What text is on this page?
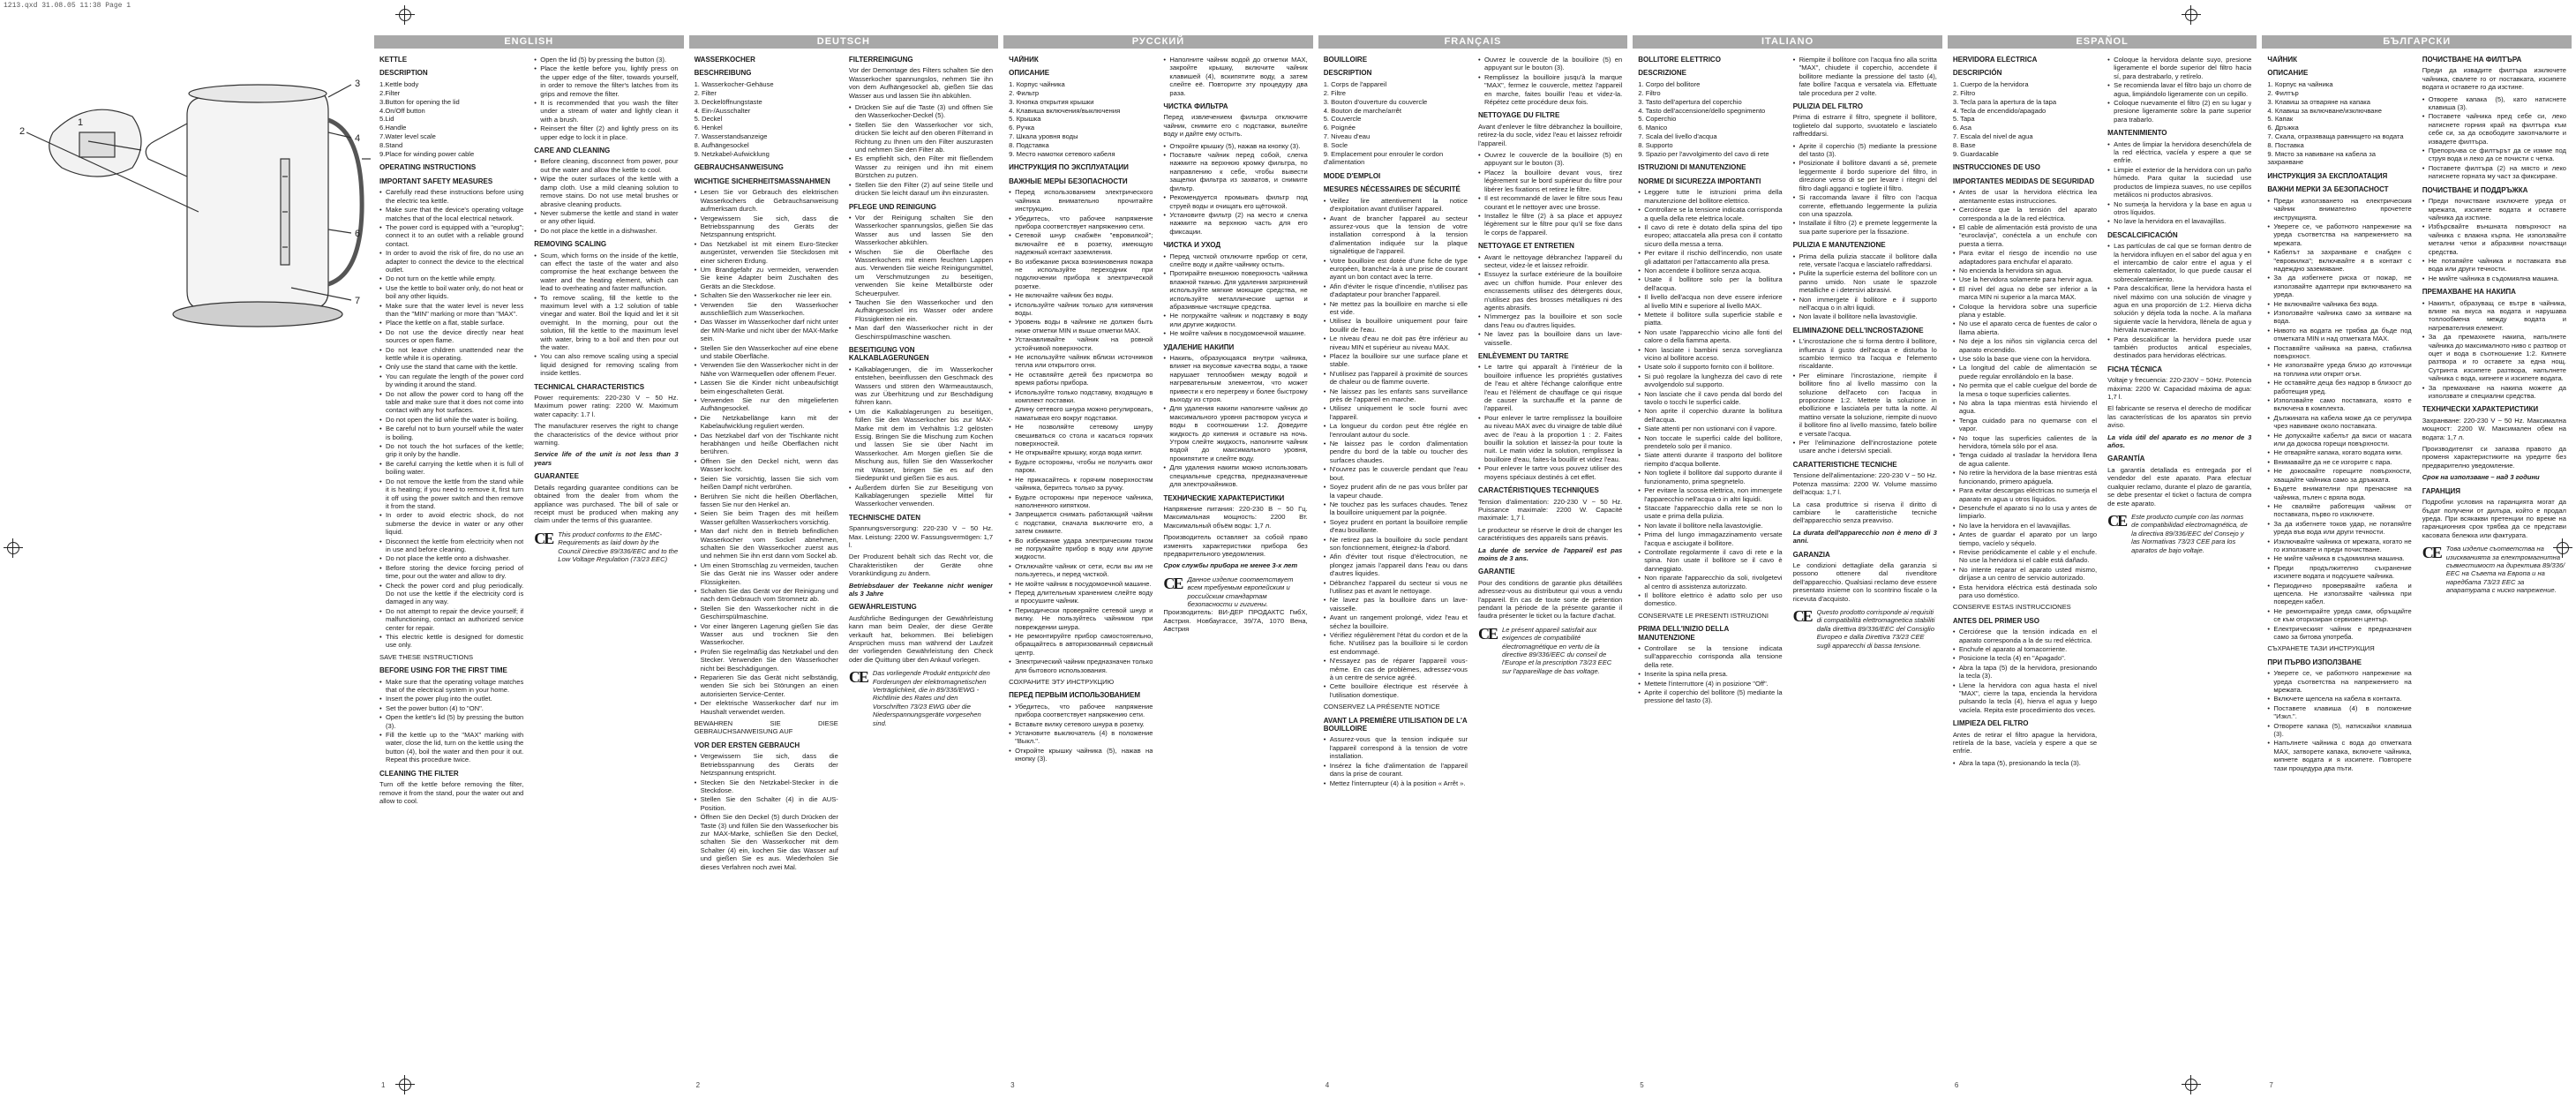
1213.qxd 31.08.05 11:38 Page 1
3
4
6
7
2
1
ENGLISH
KETTLE
DESCRIPTION
1.Kettle body
2.Filter
3.Button for opening the lid
4.On/Off button
5.Lid
6.Handle
7.Water level scale
8.Stand
9.Place for winding power cable
OPERATING INSTRUCTIONS
IMPORTANT SAFETY MEASURES
• Carefully read these instructions before using the electric tea kettle.
• Make sure that the device's operating voltage matches that of the local electrical network.
• The power cord is equipped with a "europlug"; connect it to an outlet with a reliable ground contact.
• In order to avoid the risk of fire, do no use an adapter to connect the device to the electrical outlet.
• Do not turn on the kettle while empty.
• Use the kettle to boil water only, do not heat or boil any other liquids.
• Make sure that the water level is never less than the "MIN" marking or more than "MAX".
• Place the kettle on a flat, stable surface.
• Do not use the device directly near heat sources or open flame.
• Do not leave children unattended near the kettle while it is operating.
• Only use the stand that came with the kettle.
• You can regulate the length of the power cord by winding it around the stand.
• Do not allow the power cord to hang off the table and make sure that it does not come into contact with any hot surfaces.
• Do not open the lid while the water is boiling.
• Be careful not to burn yourself while the water is boiling.
• Do not touch the hot surfaces of the kettle; grip it only by the handle.
• Be careful carrying the kettle when it is full of boiling water.
• Do not remove the kettle from the stand while it is heating; if you need to remove it, first turn it off using the power switch and then remove it from the stand.
• In order to avoid electric shock, do not submerse the device in water or any other liquid.
• Disconnect the kettle from electricity when not in use and before cleaning.
• Do not place the kettle onto a dishwasher.
• Before storing the device forcing period of time, pour out the water and allow to dry.
• Check the power cord and plug periodically. Do not use the kettle if the electricity cord is damaged in any way.
• Do not attempt to repair the device yourself; if malfunctioning, contact an authorized service center for repair.
• This electric kettle is designed for domestic use only.

SAVE THESE INSTRUCTIONS

BEFORE USING FOR THE FIRST TIME
• Make sure that the operating voltage matches that of the electrical system in your home.
• Insert the power plug into the outlet.
• Set the power button (4) to "ON".
• Open the kettle's lid (5) by pressing the button (3).
• Fill the kettle up to the "MAX" marking with water, close the lid, turn on the kettle using the button (4), boil the water and then pour it out. Repeat this procedure twice.
CLEANING THE FILTER

Turn off the kettle before removing the filter, remove it from the stand, pour the water out and allow to cool.

• Open the lid (5) by pressing the button (3).
• Place the kettle before you, lightly press on the upper edge of the filter, towards yourself, in order to remove the filter's latches from its grips and remove the filter.
• It is recommended that you wash the filter under a stream of water and lightly clean it with a brush.
• Reinsert the filter (2) and lightly press on its upper edge to lock it in place.
CARE AND CLEANING
• Before cleaning, disconnect from power, pour out the water and allow the kettle to cool.
• Wipe the outer surfaces of the kettle with a damp cloth. Use a mild cleaning solution to remove stains. Do not use metal brushes or abrasive cleaning products.
• Never submerse the kettle and stand in water or any other liquid.
• Do not place the kettle in a dishwasher.
REMOVING SCALING
• Scum, which forms on the inside of the kettle, can effect the taste of the water and also compromise the heat exchange between the water and the heating element, which can lead to overheating and faster malfunction.
• To remove scaling, fill the kettle to the maximum level with a 1:2 solution of table vinegar and water. Boil the liquid and let it sit overnight. In the morning, pour out the solution, fill the kettle to the maximum level with water, bring to a boil and then pour out the water.
• You can also remove scaling using a special liquid designed for removing scaling from inside kettles.
TECHNICAL CHARACTERISTICS

Power requirements: 220-230 V ~ 50 Hz. Maximum power rating: 2200 W. Maximum water capacity: 1.7 l.

The manufacturer reserves the right to change the characteristics of the device without prior warning.

Service life of the unit is not less than 3 years

GUARANTEE

Details regarding guarantee conditions can be obtained from the dealer from whom the appliance was purchased. The bill of sale or receipt must be produced when making any claim under the terms of this guarantee.

CE This product conforms to the EMC-Requirements as laid down by the Council Directive 89/336/EEC and to the Low Voltage Regulation (73/23 EEC)
1
DEUTSCH
WASSERKOCHER
BESCHREIBUNG
1. Wasserkocher-Gehäuse
2. Filter
3. Deckelöffnungstaste
4. Ein-/Ausschalter
5. Deckel
6. Henkel
7. Wasserstandsanzeige
8. Aufhängesockel
9. Netzkabel-Aufwicklung
GEBRAUCHSANWEISUNG
WICHTIGE SICHERHEITSMASSNAHMEN
• Lesen Sie vor Gebrauch des elektrischen Wasserkochers die Gebrauchsanweisung aufmerksam durch.
• Vergewissern Sie sich, dass die Betriebsspannung des Geräts der Netzspannung entspricht.
• Das Netzkabel ist mit einem Euro-Stecker ausgerüstet, verwenden Sie Steckdosen mit einer sicheren Erdung.
• Um Brandgefahr zu vermeiden, verwenden Sie keine Adapter beim Zuschalten des Geräts an die Steckdose.
• Schalten Sie den Wasserkocher nie leer ein.
• Verwenden Sie den Wasserkocher ausschließlich zum Wasserkochen.
• Das Wasser im Wasserkocher darf nicht unter der MIN-Marke und nicht über der MAX-Marke sein.
• Stellen Sie den Wasserkocher auf eine ebene und stabile Oberfläche.
• Verwenden Sie den Wasserkocher nicht in der Nähe von Wärmequellen oder offenem Feuer.
• Lassen Sie die Kinder nicht unbeaufsichtigt beim eingeschalteten Gerät.
• Verwenden Sie nur den mitgelieferten Aufhängesockel.
• Die Netzkabellänge kann mit der Kabelaufwicklung reguliert werden.
• Das Netzkabel darf von der Tischkante nicht herabhängen und heiße Oberflächen nicht berühren.
• Öffnen Sie den Deckel nicht, wenn das Wasser kocht.
• Seien Sie vorsichtig, lassen Sie sich vom heißen Dampf nicht verbrühen.
• Berühren Sie nicht die heißen Oberflächen, fassen Sie nur den Henkel an.
• Seien Sie beim Tragen des mit heißem Wasser gefüllten Wasserkochers vorsichtig.
• Man darf nicht den in Betrieb befindlichen Wasserkocher vom Sockel abnehmen, schalten Sie den Wasserkocher zuerst aus und nehmen Sie ihn erst dann vom Sockel ab.
• Um einen Stromschlag zu vermeiden, tauchen Sie das Gerät nie ins Wasser oder andere Flüssigkeiten.
• Schalten Sie das Gerät vor der Reinigung und nach dem Gebrauch vom Stromnetz ab.
• Stellen Sie den Wasserkocher nicht in die Geschirrspülmaschine.
• Vor einer längeren Lagerung gießen Sie das Wasser aus und trocknen Sie den Wasserkocher.
• Prüfen Sie regelmäßig das Netzkabel und den Stecker. Verwenden Sie den Wasserkocher nicht bei Beschädigungen.
• Reparieren Sie das Gerät nicht selbständig, wenden Sie sich bei Störungen an einen autorisierten Service-Center.
• Der elektrische Wasserkocher darf nur im Haushalt verwendet werden.

BEWAHREN SIE DIESE GEBRAUCHSANWEISUNG AUF

VOR DER ERSTEN GEBRAUCH
• Vergewissern Sie sich, dass die Betriebsspannung des Geräts der Netzspannung entspricht.
• Stecken Sie den Netzkabel-Stecker in die Steckdose.
• Stellen Sie den Schalter (4) in die AUS-Position.
• Öffnen Sie den Deckel (5) durch Drücken der Taste (3) und füllen Sie den Wasserkocher bis zur MAX-Marke, schließen Sie den Deckel, schalten Sie den Wasserkocher mit dem Schalter (4) ein, kochen Sie das Wasser auf und gießen Sie es aus. Wiederholen Sie dieses Verfahren noch zwei Mal.
FILTERREINIGUNG

Vor der Demontage des Filters schalten Sie den Wasserkocher spannungslos, nehmen Sie ihn von dem Aufhängesockel ab, gießen Sie das Wasser aus und lassen Sie ihn abkühlen.

• Drücken Sie auf die Taste (3) und öffnen Sie den Wasserkocher-Deckel (5).
• Stellen Sie den Wasserkocher vor sich, drücken Sie leicht auf den oberen Filterrand in Richtung zu Ihnen um den Filter auszurasten und nehmen Sie den Filter ab.
• Es empfiehlt sich, den Filter mit fließendem Wasser zu reinigen und ihn mit einem Bürstchen zu putzen.
• Stellen Sie den Filter (2) auf seine Stelle und drücken Sie leicht darauf um ihn einzurasten.
PFLEGE UND REINIGUNG
• Vor der Reinigung schalten Sie den Wasserkocher spannungslos, gießen Sie das Wasser aus und lassen Sie den Wasserkocher abkühlen.
• Wischen Sie die Oberfläche des Wasserkochers mit einem feuchten Lappen aus. Verwenden Sie weiche Reinigungsmittel, um Verschmutzungen zu beseitigen, verwenden Sie keine Metallbürste oder Scheuerpulver.
• Tauchen Sie den Wasserkocher und den Aufhängesockel ins Wasser oder andere Flüssigkeiten nie ein.
• Man darf den Wasserkocher nicht in der Geschirrspülmaschine waschen.
BESEITIGUNG VON KALKABLAGERUNGEN
• Kalkablagerungen, die im Wasserkocher entstehen, beeinflussen den Geschmack des Wassers und stören den Wärmeaustausch, was zur Überhitzung und zur Beschädigung führen kann.
• Um die Kalkablagerungen zu beseitigen, füllen Sie den Wasserkocher bis zur MAX-Marke mit dem im Verhältnis 1:2 gelösten Essig. Bringen Sie die Mischung zum Kochen und lassen Sie sie über Nacht im Wasserkocher. Am Morgen gießen Sie die Mischung aus, füllen Sie den Wasserkocher mit Wasser, bringen Sie es auf den Siedepunkt und gießen Sie es aus.
• Außerdem dürfen Sie zur Beseitigung von Kalkablagerungen spezielle Mittel für Wasserkocher verwenden.
TECHNISCHE DATEN

Spannungsversorgung: 220-230 V ~ 50 Hz. Max. Leistung: 2200 W. Fassungsvermögen: 1,7 l.

Der Produzent behält sich das Recht vor, die Charakteristiken der Geräte ohne Vorankündigung zu ändern.

Betriebsdauer der Teekanne nicht weniger als 3 Jahre

GEWÄHRLEISTUNG

Ausführliche Bedingungen der Gewährleistung kann man beim Dealer, der diese Geräte verkauft hat, bekommen. Bei beliebigen Ansprüchen muss man während der Laufzeit der vorliegenden Gewährleistung den Check oder die Quittung über den Ankauf vorlegen.

CE Das vorliegende Produkt entspricht den Forderungen der elektromagnetischen Verträglichkeit, die in 89/336/EWG -Richtlinie des Rates und den Vorschriften 73/23 EWG über die Niederspannungsgeräte vorgesehen sind.
2
РУССКИЙ
ЧАЙНИК
ОПИСАНИЕ
1. Корпус чайника
2. Фильтр
3. Кнопка открытия крышки
4. Клавиша включения/выключения
5. Крышка
6. Ручка
7. Шкала уровня воды
8. Подставка
9. Место намотки сетевого кабеля
ИНСТРУКЦИЯ ПО ЭКСПЛУАТАЦИИ
ВАЖНЫЕ МЕРЫ БЕЗОПАСНОСТИ
• Перед использованием электрического чайника внимательно прочитайте инструкцию.
• Убедитесь, что рабочее напряжение прибора соответствует напряжению сети.
• Сетевой шнур снабжён "евровилкой"; включайте её в розетку, имеющую надежный контакт заземления.
• Во избежание риска возникновения пожара не используйте переходник при подключении прибора к электрической розетке.
• Не включайте чайник без воды.
• Используйте чайник только для кипячения воды.
• Уровень воды в чайнике не должен быть ниже отметки MIN и выше отметки MAX.
• Устанавливайте чайник на ровной устойчивой поверхности.
• Не используйте чайник вблизи источников тепла или открытого огня.
• Не оставляйте детей без присмотра во время работы прибора.
• Используйте только подставку, входящую в комплект поставки.
• Длину сетевого шнура можно регулировать, наматывая его вокруг подставки.
• Не позволяйте сетевому шнуру свешиваться со стола и касаться горячих поверхностей.
• Не открывайте крышку, когда вода кипит.
• Будьте осторожны, чтобы не получить ожог паром.
• Не прикасайтесь к горячим поверхностям чайника, беритесь только за ручку.
• Будьте осторожны при переносе чайника, наполненного кипятком.
• Запрещается снимать работающий чайник с подставки, сначала выключите его, а затем снимите.
• Во избежание удара электрическим током не погружайте прибор в воду или другие жидкости.
• Отключайте чайник от сети, если вы им не пользуетесь, и перед чисткой.
• Не мойте чайник в посудомоечной машине.
• Перед длительным хранением слейте воду и просушите чайник.
• Периодически проверяйте сетевой шнур и вилку. Не пользуйтесь чайником при повреждении шнура.
• Не ремонтируйте прибор самостоятельно, обращайтесь в авторизованный сервисный центр.
• Электрический чайник предназначен только для бытового использования.

СОХРАНИТЕ ЭТУ ИНСТРУКЦИЮ

ПЕРЕД ПЕРВЫМ ИСПОЛЬЗОВАНИЕМ
• Убедитесь, что рабочее напряжение прибора соответствует напряжению сети.
• Вставьте вилку сетевого шнура в розетку.
• Установите выключатель (4) в положение "Выкл.".
• Откройте крышку чайника (5), нажав на кнопку (3).
• Наполните чайник водой до отметки MAX, закройте крышку, включите чайник клавишей (4), вскипятите воду, а затем слейте её. Повторите эту процедуру два раза.
ЧИСТКА ФИЛЬТРА

Перед извлечением фильтра отключите чайник, снимите его с подставки, вылейте воду и дайте ему остыть.

• Откройте крышку (5), нажав на кнопку (3).
• Поставьте чайник перед собой, слегка нажмите на верхнюю кромку фильтра, по направлению к себе, чтобы вывести защелки фильтра из захватов, и снимите фильтр.
• Рекомендуется промывать фильтр под струей воды и очищать его щёточкой.
• Установите фильтр (2) на место и слегка нажмите на верхнюю часть для его фиксации.
ЧИСТКА И УХОД
• Перед чисткой отключите прибор от сети, слейте воду и дайте чайнику остыть.
• Протирайте внешнюю поверхность чайника влажной тканью. Для удаления загрязнений используйте мягкие моющие средства, не используйте металлические щетки и абразивные чистящие средства.
• Не погружайте чайник и подставку в воду или другие жидкости.
• Не мойте чайник в посудомоечной машине.
УДАЛЕНИЕ НАКИПИ
• Накипь, образующаяся внутри чайника, влияет на вкусовые качества воды, а также нарушает теплообмен между водой и нагревательным элементом, что может привести к его перегреву и более быстрому выходу из строя.
• Для удаления накипи наполните чайник до максимального уровня раствором уксуса и воды в соотношении 1:2. Доведите жидкость до кипения и оставьте на ночь. Утром слейте жидкость, наполните чайник водой до максимального уровня, прокипятите и слейте воду.
• Для удаления накипи можно использовать специальные средства, предназначенные для электрочайников.
ТЕХНИЧЕСКИЕ ХАРАКТЕРИСТИКИ

Напряжение питания: 220-230 В ~ 50 Гц. Максимальная мощность: 2200 Вт. Максимальный объём воды: 1,7 л.

Производитель оставляет за собой право изменять характеристики прибора без предварительного уведомления.

Срок службы прибора не менее 3-х лет

CE Данное изделие соответствует всем требуемым европейским и российским стандартам безопасности и гигиены.

Производитель: ВИ-ДЕР ПРОДАКТС ГмбХ, Австрия. Новбаугассе, 39/7A, 1070 Вена, Австрия

3
FRANÇAIS
BOUILLOIRE
DESCRIPTION
1. Corps de l'appareil
2. Filtre
3. Bouton d'ouverture du couvercle
4. Bouton de marche/arrêt
5. Couvercle
6. Poignée
7. Niveau d'eau
8. Socle
9. Emplacement pour enrouler le cordon d'alimentation
MODE D'EMPLOI
MESURES NÉCESSAIRES DE SÉCURITÉ
• Veillez lire attentivement la notice d'exploitation avant d'utiliser l'appareil.
• Avant de brancher l'appareil au secteur assurez-vous que la tension de votre installation correspond à la tension d'alimentation indiquée sur la plaque signalétique de l'appareil.
• Votre bouilloire est dotée d'une fiche de type européen, branchez-la à une prise de courant ayant un bon contact avec la terre.
• Afin d'éviter le risque d'incendie, n'utilisez pas d'adaptateur pour brancher l'appareil.
• Ne mettez pas la bouilloire en marche si elle est vide.
• Utilisez la bouilloire uniquement pour faire bouillir de l'eau.
• Le niveau d'eau ne doit pas être inférieur au niveau MIN et supérieur au niveau MAX.
• Placez la bouilloire sur une surface plane et stable.
• N'utilisez pas l'appareil à proximité de sources de chaleur ou de flamme ouverte.
• Ne laissez pas les enfants sans surveillance près de l'appareil en marche.
• Utilisez uniquement le socle fourni avec l'appareil.
• La longueur du cordon peut être réglée en l'enroulant autour du socle.
• Ne laissez pas le cordon d'alimentation pendre du bord de la table ou toucher des surfaces chaudes.
• N'ouvrez pas le couvercle pendant que l'eau bout.
• Soyez prudent afin de ne pas vous brûler par la vapeur chaude.
• Ne touchez pas les surfaces chaudes. Tenez la bouilloire uniquement par la poignée.
• Soyez prudent en portant la bouilloire remplie d'eau bouillante.
• Ne retirez pas la bouilloire du socle pendant son fonctionnement, éteignez-la d'abord.
• Afin d'éviter tout risque d'électrocution, ne plongez jamais l'appareil dans l'eau ou dans d'autres liquides.
• Débranchez l'appareil du secteur si vous ne l'utilisez pas et avant le nettoyage.
• Ne lavez pas la bouilloire dans un lave-vaisselle.
• Avant un rangement prolongé, videz l'eau et séchez la bouilloire.
• Vérifiez régulièrement l'état du cordon et de la fiche. N'utilisez pas la bouilloire si le cordon est endommagé.
• N'essayez pas de réparer l'appareil vous-même. En cas de problèmes, adressez-vous à un centre de service agréé.
• Cette bouilloire électrique est réservée à l'utilisation domestique.

CONSERVEZ LA PRÉSENTE NOTICE

AVANT LA PREMIÈRE UTILISATION DE L'A BOUILLOIRE
• Assurez-vous que la tension indiquée sur l'appareil correspond à la tension de votre installation.
• Insérez la fiche d'alimentation de l'appareil dans la prise de courant.
• Mettez l'interrupteur (4) à la position « Arrêt ».
• Ouvrez le couvercle de la bouilloire (5) en appuyant sur le bouton (3).
• Remplissez la bouilloire jusqu'à la marque "MAX", fermez le couvercle, mettez l'appareil en marche, faites bouillir l'eau et videz-la. Répétez cette procédure deux fois.
NETTOYAGE DU FILTRE

Avant d'enlever le filtre débranchez la bouilloire, retirez-la du socle, videz l'eau et laissez refroidir l'appareil.

• Ouvrez le couvercle de la bouilloire (5) en appuyant sur le bouton (3).
• Placez la bouilloire devant vous, tirez légèrement sur le bord supérieur du filtre pour libérer les fixations et retirez le filtre.
• Il est recommandé de laver le filtre sous l'eau courant et le nettoyer avec une brosse.
• Installez le filtre (2) à sa place et appuyez légèrement sur le filtre pour qu'il se fixe dans le corps de l'appareil.
NETTOYAGE ET ENTRETIEN
• Avant le nettoyage débranchez l'appareil du secteur, videz-le et laissez refroidir.
• Essuyez la surface extérieure de la bouilloire avec un chiffon humide. Pour enlever des encrassements utilisez des détergents doux, n'utilisez pas des brosses métalliques ni des agents abrasifs.
• N'immergez pas la bouilloire et son socle dans l'eau ou d'autres liquides.
• Ne lavez pas la bouilloire dans un lave-vaisselle.
ENLÈVEMENT DU TARTRE
• Le tartre qui apparaît à l'intérieur de la bouilloire influence les propriétés gustatives de l'eau et altère l'échange calorifique entre l'eau et l'élément de chauffage ce qui risque de causer la surchauffe et la panne de l'appareil.
• Pour enlever le tartre remplissez la bouilloire au niveau MAX avec du vinaigre de table dilué avec de l'eau à la proportion 1 : 2. Faites bouillir la solution et laissez-la pour toute la nuit. Le matin videz la solution, remplissez la bouilloire d'eau, faites-la bouillir et videz l'eau.
• Pour enlever le tartre vous pouvez utiliser des moyens spéciaux destinés à cet effet.
CARACTÉRISTIQUES TECHNIQUES

Tension d'alimentation: 220-230 V ~ 50 Hz. Puissance maximale: 2200 W. Capacité maximale: 1,7 l.

Le producteur se réserve le droit de changer les caractéristiques des appareils sans préavis.

La durée de service de l'appareil est pas moins de 3 ans.

GARANTIE

Pour des conditions de garantie plus détaillées adressez-vous au distributeur qui vous a vendu l'appareil. En cas de toute sorte de prétention pendant la période de la présente garantie il faudra présenter le ticket ou la facture d'achat.

CE Le présent appareil satisfait aux exigences de compatibilité électromagnétique en vertu de la directive 89/336/EEC du conseil de l'Europe et la prescription 73/23 EEC sur l'appareillage de bas voltage.
4
ITALIANO
BOLLITORE ELETTRICO
DESCRIZIONE
1. Corpo del bollitore
2. Filtro
3. Tasto dell'apertura del coperchio
4. Tasto dell'accensione/dello spegnimento
5. Coperchio
6. Manico
7. Scala del livello d'acqua
8. Supporto
9. Spazio per l'avvolgimento del cavo di rete
ISTRUZIONI DI MANUTENZIONE
NORME DI SICUREZZA IMPORTANTI
• Leggere tutte le istruzioni prima della manutenzione del bollitore elettrico.
• Controllare se la tensione indicata corrisponda a quella della rete elettrica locale.
• Il cavo di rete è dotato della spina del tipo europeo; attaccatela alla presa con il contatto sicuro della messa a terra.
• Per evitare il rischio dell'incendio, non usate gli adattatori per l'attaccamento alla presa.
• Non accendete il bollitore senza acqua.
• Usate il bollitore solo per la bollitura dell'acqua.
• Il livello dell'acqua non deve essere inferiore al livello MIN e superiore al livello MAX.
• Mettete il bollitore sulla superficie stabile e piatta.
• Non usate l'apparecchio vicino alle fonti del calore o della fiamma aperta.
• Non lasciate i bambini senza sorveglianza vicino al bollitore acceso.
• Usate solo il supporto fornito con il bollitore.
• Si può regolare la lunghezza del cavo di rete avvolgendolo sul supporto.
• Non lasciate che il cavo penda dal bordo del tavolo o tocchi le superfici calde.
• Non aprite il coperchio durante la bollitura dell'acqua.
• Siate attenti per non ustionarvi con il vapore.
• Non toccate le superfici calde del bollitore, prendetelo solo per il manico.
• Siate attenti durante il trasporto del bollitore riempito d'acqua bollente.
• Non togliete il bollitore dal supporto durante il funzionamento, prima spegnetelo.
• Per evitare la scossa elettrica, non immergete l'apparecchio nell'acqua o in altri liquidi.
• Staccate l'apparecchio dalla rete se non lo usate e prima della pulizia.
• Non lavate il bollitore nella lavastoviglie.
• Prima del lungo immagazzinamento versate l'acqua e asciugate il bollitore.
• Controllate regolarmente il cavo di rete e la spina. Non usate il bollitore se il cavo è danneggiato.
• Non riparate l'apparecchio da soli, rivolgetevi al centro di assistenza autorizzato.
• Il bollitore elettrico è adatto solo per uso domestico.

CONSERVATE LE PRESENTI ISTRUZIONI

PRIMA DELL'INIZIO DELLA MANUTENZIONE
• Controllare se la tensione indicata sull'apparecchio corrisponda alla tensione della rete.
• Inserite la spina nella presa.
• Mettete l'interruttore (4) in posizione "Off".
• Aprite il coperchio del bollitore (5) mediante la pressione del tasto (3).
• Riempite il bollitore con l'acqua fino alla scritta "MAX", chiudete il coperchio, accendete il bollitore mediante la pressione del tasto (4), fate bollire l'acqua e versatela via. Effettuate tale procedura per 2 volte.
PULIZIA DEL FILTRO

Prima di estrarre il filtro, spegnete il bollitore, toglietelo dal supporto, svuotatelo e lasciatelo raffreddarsi.

• Aprite il coperchio (5) mediante la pressione del tasto (3).
• Posizionate il bollitore davanti a sé, premete leggermente il bordo superiore del filtro, in direzione verso di se per levare i ritegni del filtro dagli agganci e togliete il filtro.
• Si raccomanda lavare il filtro con l'acqua corrente, effettuando leggermente la pulizia con una spazzola.
• Installate il filtro (2) e premete leggermente la sua parte superiore per la fissazione.
PULIZIA E MANUTENZIONE
• Prima della pulizia staccate il bollitore dalla rete, versate l'acqua e lasciatelo raffreddarsi.
• Pulite la superficie esterna del bollitore con un panno umido. Non usate le spazzole metalliche e i detersivi abrasivi.
• Non immergete il bollitore e il supporto nell'acqua o in altri liquidi.
• Non lavate il bollitore nella lavastoviglie.
ELIMINAZIONE DELL'INCROSTAZIONE
• L'incrostazione che si forma dentro il bollitore, influenza il gusto dell'acqua e disturba lo scambio termico tra l'acqua e l'elemento riscaldante.
• Per eliminare l'incrostazione, riempite il bollitore fino al livello massimo con la soluzione dell'aceto con l'acqua in proporzione 1:2. Mettete la soluzione in ebollizione e lasciatela per tutta la notte. Al mattino versate la soluzione, riempite di nuovo il bollitore fino al livello massimo, fatelo bollire e versate l'acqua.
• Per l'eliminazione dell'incrostazione potete usare anche i detersivi speciali.
CARATTERISTICHE TECNICHE

Tensione dell'alimentazione: 220-230 V ~ 50 Hz. Potenza massima: 2200 W. Volume massimo dell'acqua: 1,7 l.

La casa produttrice si riserva il diritto di cambiare le caratteristiche tecniche dell'apparecchio senza preavviso.

La durata dell'apparecchio non è meno di 3 anni.

GARANZIA

Le condizioni dettagliate della garanzia si possono ottenere dal rivenditore dell'apparecchio. Qualsiasi reclamo deve essere presentato insieme con lo scontrino fiscale o la ricevuta d'acquisto.

CE Questo prodotto corrisponde ai requisiti di compatibilità elettromagnetica stabiliti dalla direttiva 89/336/EEC del Consiglio Europeo e dalla Direttiva 73/23 CEE sugli apparecchi di bassa tensione.
5
ESPAÑOL
HERVIDORA ELÉCTRICA
DESCRIPCIÓN
1. Cuerpo de la hervidora
2. Filtro
3. Tecla para la apertura de la tapa
4. Tecla de encendido/apagado
5. Tapa
6. Asa
7. Escala del nivel de agua
8. Base
9. Guardacable
INSTRUCCIONES DE USO
IMPORTANTES MEDIDAS DE SEGURIDAD
• Antes de usar la hervidora eléctrica lea atentamente estas instrucciones.
• Cerciórese que la tensión del aparato corresponda a la de la red eléctrica.
• El cable de alimentación está provisto de una "euroclavija", conéctela a un enchufe con puesta a tierra.
• Para evitar el riesgo de incendio no use adaptadores para enchufar el aparato.
• No encienda la hervidora sin agua.
• Use la hervidora solamente para hervir agua.
• El nivel del agua no debe ser inferior a la marca MIN ni superior a la marca MAX.
• Coloque la hervidora sobre una superficie plana y estable.
• No use el aparato cerca de fuentes de calor o llama abierta.
• No deje a los niños sin vigilancia cerca del aparato encendido.
• Use sólo la base que viene con la hervidora.
• La longitud del cable de alimentación se puede regular enrollándolo en la base.
• No permita que el cable cuelgue del borde de la mesa o toque superficies calientes.
• No abra la tapa mientras está hirviendo el agua.
• Tenga cuidado para no quemarse con el vapor.
• No toque las superficies calientes de la hervidora, tómela sólo por el asa.
• Tenga cuidado al trasladar la hervidora llena de agua caliente.
• No retire la hervidora de la base mientras está funcionando, primero apáguela.
• Para evitar descargas eléctricas no sumerja el aparato en agua u otros líquidos.
• Desenchufe el aparato si no lo usa y antes de limpiarlo.
• No lave la hervidora en el lavavajillas.
• Antes de guardar el aparato por un largo tiempo, vacíelo y séquelo.
• Revise periódicamente el cable y el enchufe. No use la hervidora si el cable está dañado.
• No intente reparar el aparato usted mismo, diríjase a un centro de servicio autorizado.
• Esta hervidora eléctrica está destinada solo para uso doméstico.

CONSERVE ESTAS INSTRUCCIONES

ANTES DEL PRIMER USO
• Cerciórese que la tensión indicada en el aparato corresponda a la de su red eléctrica.
• Enchufe el aparato al tomacorriente.
• Posicione la tecla (4) en "Apagado".
• Abra la tapa (5) de la hervidora, presionando la tecla (3).
• Llene la hervidora con agua hasta el nivel "MAX", cierre la tapa, encienda la hervidora pulsando la tecla (4), hierva el agua y luego vacíela. Repita este procedimiento dos veces.
LIMPIEZA DEL FILTRO

Antes de retirar el filtro apague la hervidora, retírela de la base, vacíela y espere a que se enfríe.

• Abra la tapa (5), presionando la tecla (3).
• Coloque la hervidora delante suyo, presione ligeramente el borde superior del filtro hacia sí, para destrabarlo, y retírelo.
• Se recomienda lavar el filtro bajo un chorro de agua, limpiándolo ligeramente con un cepillo.
• Coloque nuevamente el filtro (2) en su lugar y presione ligeramente sobre la parte superior para trabarlo.
MANTENIMIENTO
• Antes de limpiar la hervidora desenchúfela de la red eléctrica, vacíela y espere a que se enfríe.
• Limpie el exterior de la hervidora con un paño húmedo. Para quitar la suciedad use productos de limpieza suaves, no use cepillos metálicos ni productos abrasivos.
• No sumerja la hervidora y la base en agua u otros líquidos.
• No lave la hervidora en el lavavajillas.
DESCALCIFICACIÓN
• Las partículas de cal que se forman dentro de la hervidora influyen en el sabor del agua y en el intercambio de calor entre el agua y el elemento calentador, lo que puede causar el sobrecalentamiento.
• Para descalcificar, llene la hervidora hasta el nivel máximo con una solución de vinagre y agua en una proporción de 1:2. Hierva dicha solución y déjela toda la noche. A la mañana siguiente vacíe la hervidora, llénela de agua y hiérvala nuevamente.
• Para descalcificar la hervidora puede usar también productos antical especiales, destinados para hervidoras eléctricas.
FICHA TÉCNICA

Voltaje y frecuencia: 220-230V ~ 50Hz. Potencia máxima: 2200 W. Capacidad máxima de agua: 1,7 l.

El fabricante se reserva el derecho de modificar las características de los aparatos sin previo aviso.

La vida útil del aparato es no menor de 3 años.

GARANTÍA

La garantía detallada es entregada por el vendedor del este aparato. Para efectuar cualquier reclamo, durante el plazo de garantía, se debe presentar el ticket o factura de compra de este aparato.

CE Este producto cumple con las normas de compatibilidad electromagnética, de la directiva 89/336/EEC del Consejo y las Normativas 73/23 CEE para los aparatos de bajo voltaje.
6
БЪЛГАРСКИ
ЧАЙНИК
ОПИСАНИЕ
1. Корпус на чайника
2. Филтър
3. Клавиш за отваряне на капака
4. Клавиш за включване/изключване
5. Капак
6. Дръжка
7. Скала, отразяваща равнището на водата
8. Поставка
9. Място за навиване на кабела за захранване
ИНСТРУКЦИЯ ЗА ЕКСПЛОАТАЦИЯ
ВАЖНИ МЕРКИ ЗА БЕЗОПАСНОСТ
• Преди използването на електрическия чайник внимателно прочетете инструкцията.
• Уверете се, че работното напрежение на уреда съответства на напрежението на мрежата.
• Кабелът за захранване е снабден с "евровилка"; включвайте я в контакт с надеждно заземяване.
• За да избегнете риска от пожар, не използвайте адаптери при включването на уреда.
• Не включвайте чайника без вода.
• Използвайте чайника само за кипване на вода.
• Нивото на водата не трябва да бъде под отметката MIN и над отметката MAX.
• Поставяйте чайника на равна, стабилна повърхност.
• Не използвайте уреда близо до източници на топлина или открит огън.
• Не оставяйте деца без надзор в близост до работещия уред.
• Използвайте само поставката, която е включена в комплекта.
• Дължината на кабела може да се регулира чрез навиване около поставката.
• Не допускайте кабелът да виси от масата или да докосва горещи повърхности.
• Не отваряйте капака, когато водата кипи.
• Внимавайте да не се изгорите с пара.
• Не докосвайте горещите повърхности, хващайте чайника само за дръжката.
• Бъдете внимателни при пренасяне на чайника, пълен с вряла вода.
• Не сваляйте работещия чайник от поставката, първо го изключете.
• За да избегнете токов удар, не потапяйте уреда във вода или други течности.
• Изключвайте чайника от мрежата, когато не го използвате и преди почистване.
• Не мийте чайника в съдомиялна машина.
• Преди продължително съхранение изсипете водата и подсушете чайника.
• Периодично проверявайте кабела и щепсела. Не използвайте чайника при повреден кабел.
• Не ремонтирайте уреда сами, обръщайте се към оторизиран сервизен център.
• Електрическият чайник е предназначен само за битова употреба.

СЪХРАНЕТЕ ТАЗИ ИНСТРУКЦИЯ

ПРИ ПЪРВО ИЗПОЛЗВАНЕ
• Уверете се, че работното напрежение на уреда съответства на напрежението на мрежата.
• Включете щепсела на кабела в контакта.
• Поставете клавиша (4) в положение "Изкл.".
• Отворете капака (5), натискайки клавиша (3).
• Напълнете чайника с вода до отметката MAX, затворете капака, включете чайника, кипнете водата и я изсипете. Повторете тази процедура два пъти.
ПОЧИСТВАНЕ НА ФИЛТЪРА

Преди да извадите филтъра изключете чайника, свалете го от поставката, изсипете водата и оставете го да изстине.

• Отворете капака (5), като натиснете клавиша (3).
• Поставете чайника пред себе си, леко натиснете горния край на филтъра към себе си, за да освободите закопчалките и извадете филтъра.
• Препоръчва се филтърът да се измие под струя вода и леко да се почисти с четка.
• Поставете филтъра (2) на място и леко натиснете горната му част за фиксиране.
ПОЧИСТВАНЕ И ПОДДРЪЖКА
• Преди почистване изключете уреда от мрежата, изсипете водата и оставете чайника да изстине.
• Избърсвайте външната повърхност на чайника с влажна кърпа. Не използвайте метални четки и абразивни почистващи средства.
• Не потапяйте чайника и поставката във вода или други течности.
• Не мийте чайника в съдомиялна машина.
ПРЕМАХВАНЕ НА НАКИПА
• Накипът, образуващ се вътре в чайника, влияе на вкуса на водата и нарушава топлообмена между водата и нагревателния елемент.
• За да премахнете накипа, напълнете чайника до максималното ниво с разтвор от оцет и вода в съотношение 1:2. Кипнете разтвора и го оставете за една нощ. Сутринта изсипете разтвора, напълнете чайника с вода, кипнете и изсипете водата.
• За премахване на накипа можете да използвате и специални средства.
ТЕХНИЧЕСКИ ХАРАКТЕРИСТИКИ

Захранване: 220-230 V ~ 50 Hz. Максимална мощност: 2200 W. Максимален обем на водата: 1,7 л.

Производителят си запазва правото да променя характеристиките на уредите без предварително уведомление.

Срок на използване – над 3 години

ГАРАНЦИЯ

Подробни условия на гаранцията могат да бъдат получени от дилъра, който е продал уреда. При всякакви претенции по време на гаранционния срок трябва да се представи касовата бележка или фактурата.

CE Това изделие съответства на изискванията за електромагнитна съвместимост на директива 89/336/ЕЕС на Съвета на Европа и на наредбата 73/23 ЕЕС за апаратурата с ниско напрежение.
7
